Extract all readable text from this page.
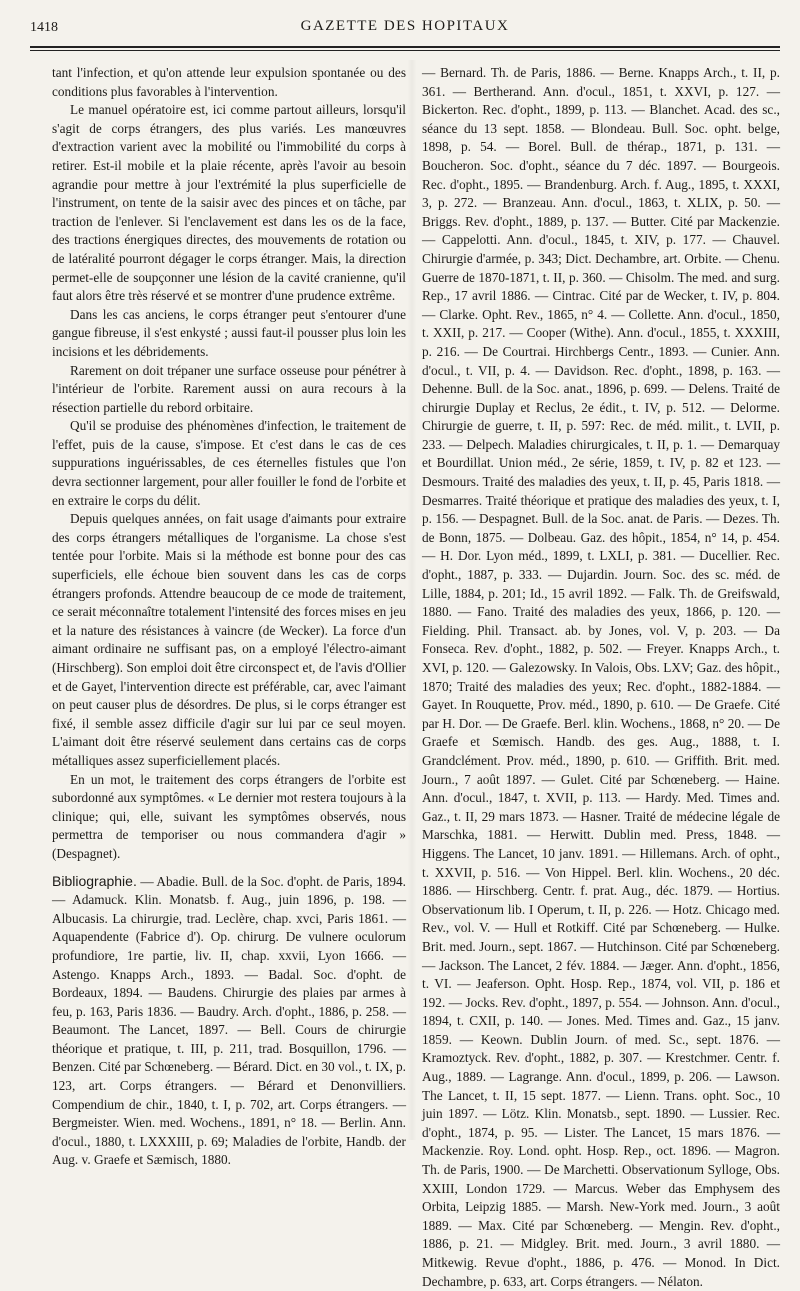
1418	GAZETTE DES HOPITAUX

tant l'infection, et qu'on attende leur expulsion spontanée ou des conditions plus favorables à l'intervention.

Le manuel opératoire est, ici comme partout ailleurs, lorsqu'il s'agit de corps étrangers, des plus variés. Les manœuvres d'extraction varient avec la mobilité ou l'immobilité du corps à retirer. Est-il mobile et la plaie récente, après l'avoir au besoin agrandie pour mettre à jour l'extrémité la plus superficielle de l'instrument, on tente de la saisir avec des pinces et on tâche, par traction de l'enlever. Si l'enclavement est dans les os de la face, des tractions énergiques directes, des mouvements de rotation ou de latéralité pourront dégager le corps étranger. Mais, la direction permet-elle de soupçonner une lésion de la cavité cranienne, qu'il faut alors être très réservé et se montrer d'une prudence extrême.

Dans les cas anciens, le corps étranger peut s'entourer d'une gangue fibreuse, il s'est enkysté ; aussi faut-il pousser plus loin les incisions et les débridements.

Rarement on doit trépaner une surface osseuse pour pénétrer à l'intérieur de l'orbite. Rarement aussi on aura recours à la résection partielle du rebord orbitaire.

Qu'il se produise des phénomènes d'infection, le traitement de l'effet, puis de la cause, s'impose. Et c'est dans le cas de ces suppurations inguérissables, de ces éternelles fistules que l'on devra sectionner largement, pour aller fouiller le fond de l'orbite et en extraire le corps du délit.

Depuis quelques années, on fait usage d'aimants pour extraire des corps étrangers métalliques de l'organisme. La chose s'est tentée pour l'orbite. Mais si la méthode est bonne pour des cas superficiels, elle échoue bien souvent dans les cas de corps étrangers profonds. Attendre beaucoup de ce mode de traitement, ce serait méconnaître totalement l'intensité des forces mises en jeu et la nature des résistances à vaincre (de Wecker). La force d'un aimant ordinaire ne suffisant pas, on a employé l'électro-aimant (Hirschberg). Son emploi doit être circonspect et, de l'avis d'Ollier et de Gayet, l'intervention directe est préférable, car, avec l'aimant on peut causer plus de désordres. De plus, si le corps étranger est fixé, il semble assez difficile d'agir sur lui par ce seul moyen. L'aimant doit être réservé seulement dans certains cas de corps métalliques assez superficiellement placés.

En un mot, le traitement des corps étrangers de l'orbite est subordonné aux symptômes. « Le dernier mot restera toujours à la clinique; qui, elle, suivant les symptômes observés, nous permettra de temporiser ou nous commandera d'agir » (Despagnet).

Bibliographie. — Abadie. Bull. de la Soc. d'opht. de Paris, 1894. — Adamuck. Klin. Monatsb. f. Aug., juin 1896, p. 198. — Albucasis. La chirurgie, trad. Leclère, chap. xvci, Paris 1861. — Aquapendente (Fabrice d'). Op. chirurg. De vulnere oculorum profundiore, 1re partie, liv. II, chap. xxvii, Lyon 1666. — Astengo. Knapps Arch., 1893. — Badal. Soc. d'opht. de Bordeaux, 1894. — Baudens. Chirurgie des plaies par armes à feu, p. 163, Paris 1836. — Baudry. Arch. d'opht., 1886, p. 258. — Beaumont. The Lancet, 1897. — Bell. Cours de chirurgie théorique et pratique, t. III, p. 211, trad. Bosquillon, 1796. — Benzen. Cité par Schœneberg. — Bérard. Dict. en 30 vol., t. IX, p. 123, art. Corps étrangers. — Bérard et Denonvilliers. Compendium de chir., 1840, t. I, p. 702, art. Corps étrangers. — Bergmeister. Wien. med. Wochens., 1891, n° 18. — Berlin. Ann. d'ocul., 1880, t. LXXXIII, p. 69; Maladies de l'orbite, Handb. der Aug. v. Graefe et Sæmisch, 1880.

— Bernard. Th. de Paris, 1886. — Berne. Knapps Arch., t. II, p. 361. — Bertherand. Ann. d'ocul., 1851, t. XXVI, p. 127. — Bickerton. Rec. d'opht., 1899, p. 113. — Blanchet. Acad. des sc., séance du 13 sept. 1858. — Blondeau. Bull. Soc. opht. belge, 1898, p. 54. — Borel. Bull. de thérap., 1871, p. 131. — Boucheron. Soc. d'opht., séance du 7 déc. 1897. — Bourgeois. Rec. d'opht., 1895. — Brandenburg. Arch. f. Aug., 1895, t. XXXI, 3, p. 272. — Branzeau. Ann. d'ocul., 1863, t. XLIX, p. 50. — Briggs. Rev. d'opht., 1889, p. 137. — Butter. Cité par Mackenzie. — Cappelotti. Ann. d'ocul., 1845, t. XIV, p. 177. — Chauvel. Chirurgie d'armée, p. 343; Dict. Dechambre, art. Orbite. — Chenu. Guerre de 1870-1871, t. II, p. 360. — Chisolm. The med. and surg. Rep., 17 avril 1886. — Cintrac. Cité par de Wecker, t. IV, p. 804. — Clarke. Opht. Rev., 1865, n° 4. — Collette. Ann. d'ocul., 1850, t. XXII, p. 217. — Cooper (Withe). Ann. d'ocul., 1855, t. XXXIII, p. 216. — De Courtrai. Hirchbergs Centr., 1893. — Cunier. Ann. d'ocul., t. VII, p. 4. — Davidson. Rec. d'opht., 1898, p. 163. — Dehenne. Bull. de la Soc. anat., 1896, p. 699. — Delens. Traité de chirurgie Duplay et Reclus, 2e édit., t. IV, p. 512. — Delorme. Chirurgie de guerre, t. II, p. 597: Rec. de méd. milit., t. LVII, p. 233. — Delpech. Maladies chirurgicales, t. II, p. 1. — Demarquay et Bourdillat. Union méd., 2e série, 1859, t. IV, p. 82 et 123. — Desmours. Traité des maladies des yeux, t. II, p. 45, Paris 1818. — Desmarres. Traité théorique et pratique des maladies des yeux, t. I, p. 156. — Despagnet. Bull. de la Soc. anat. de Paris. — Dezes. Th. de Bonn, 1875. — Dolbeau. Gaz. des hôpit., 1854, n° 14, p. 454. — H. Dor. Lyon méd., 1899, t. LXLI, p. 381. — Ducellier. Rec. d'opht., 1887, p. 333. — Dujardin. Journ. Soc. des sc. méd. de Lille, 1884, p. 201; Id., 15 avril 1892. — Falk. Th. de Greifswald, 1880. — Fano. Traité des maladies des yeux, 1866, p. 120. — Fielding. Phil. Transact. ab. by Jones, vol. V, p. 203. — Da Fonseca. Rev. d'opht., 1882, p. 502. — Freyer. Knapps Arch., t. XVI, p. 120. — Galezowsky. In Valois, Obs. LXV; Gaz. des hôpit., 1870; Traité des maladies des yeux; Rec. d'opht., 1882-1884. — Gayet. In Rouquette, Prov. méd., 1890, p. 610. — De Graefe. Cité par H. Dor. — De Graefe. Berl. klin. Wochens., 1868, n° 20. — De Graefe et Sœmisch. Handb. des ges. Aug., 1888, t. I. Grandclément. Prov. méd., 1890, p. 610. — Griffith. Brit. med. Journ., 7 août 1897. — Gulet. Cité par Schœneberg. — Haine. Ann. d'ocul., 1847, t. XVII, p. 113. — Hardy. Med. Times and. Gaz., t. II, 29 mars 1873. — Hasner. Traité de médecine légale de Marschka, 1881. — Herwitt. Dublin med. Press, 1848. — Higgens. The Lancet, 10 janv. 1891. — Hillemans. Arch. of opht., t. XXVII, p. 516. — Von Hippel. Berl. klin. Wochens., 20 déc. 1886. — Hirschberg. Centr. f. prat. Aug., déc. 1879. — Hortius. Observationum lib. I Operum, t. II, p. 226. — Hotz. Chicago med. Rev., vol. V. — Hull et Rotkiff. Cité par Schœneberg. — Hulke. Brit. med. Journ., sept. 1867. — Hutchinson. Cité par Schœneberg. — Jackson. The Lancet, 2 fév. 1884. — Jæger. Ann. d'opht., 1856, t. VI. — Jeaferson. Opht. Hosp. Rep., 1874, vol. VII, p. 186 et 192. — Jocks. Rev. d'opht., 1897, p. 554. — Johnson. Ann. d'ocul., 1894, t. CXII, p. 140. — Jones. Med. Times and. Gaz., 15 janv. 1859. — Keown. Dublin Journ. of med. Sc., sept. 1876. — Kramoztyck. Rev. d'opht., 1882, p. 307. — Krestchmer. Centr. f. Aug., 1889. — Lagrange. Ann. d'ocul., 1899, p. 206. — Lawson. The Lancet, t. II, 15 sept. 1877. — Lienn. Trans. opht. Soc., 10 juin 1897. — Lötz. Klin. Monatsb., sept. 1890. — Lussier. Rec. d'opht., 1874, p. 95. — Lister. The Lancet, 15 mars 1876. — Mackenzie. Roy. Lond. opht. Hosp. Rep., oct. 1896. — Magron. Th. de Paris, 1900. — De Marchetti. Observationum Sylloge, Obs. XXIII, London 1729. — Marcus. Weber das Emphysem des Orbita, Leipzig 1885. — Marsh. New-York med. Journ., 3 août 1889. — Max. Cité par Schœneberg. — Mengin. Rev. d'opht., 1886, p. 21. — Midgley. Brit. med. Journ., 3 avril 1880. — Mitkewig. Revue d'opht., 1886, p. 476. — Monod. In Dict. Dechambre, p. 633, art. Corps étrangers. — Nélaton.
